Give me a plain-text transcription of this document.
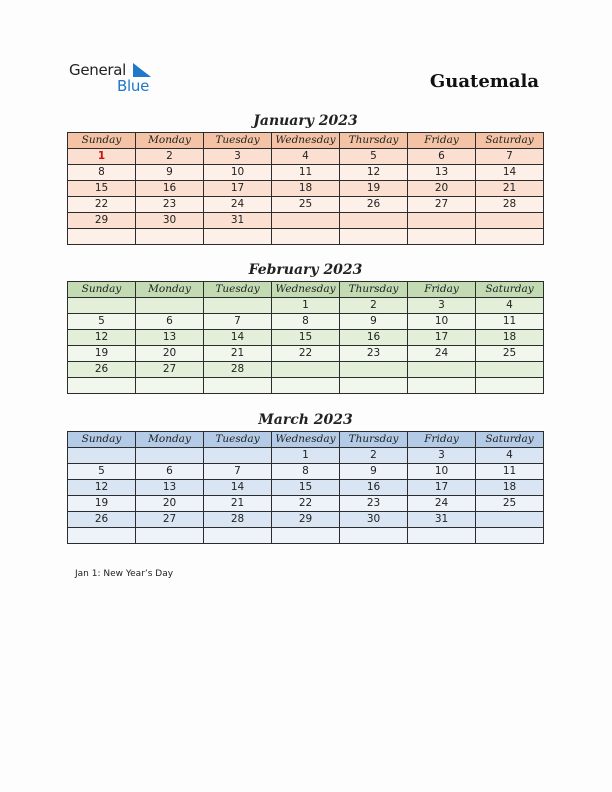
General
Blue	Guatemala
January 2023
Sunday	Monday	Tuesday	Wednesday	Thursday	Friday	Saturday
1	2	3	4	5	6	7
8	9	10	11	12	13	14
15	16	17	18	19	20	21
22	23	24	25	26	27	28
29	30	31				

February 2023
Sunday	Monday	Tuesday	Wednesday	Thursday	Friday	Saturday
			1	2	3	4
5	6	7	8	9	10	11
12	13	14	15	16	17	18
19	20	21	22	23	24	25
26	27	28				

March 2023
Sunday	Monday	Tuesday	Wednesday	Thursday	Friday	Saturday
			1	2	3	4
5	6	7	8	9	10	11
12	13	14	15	16	17	18
19	20	21	22	23	24	25
26	27	28	29	30	31	

Jan 1: New Year’s Day
